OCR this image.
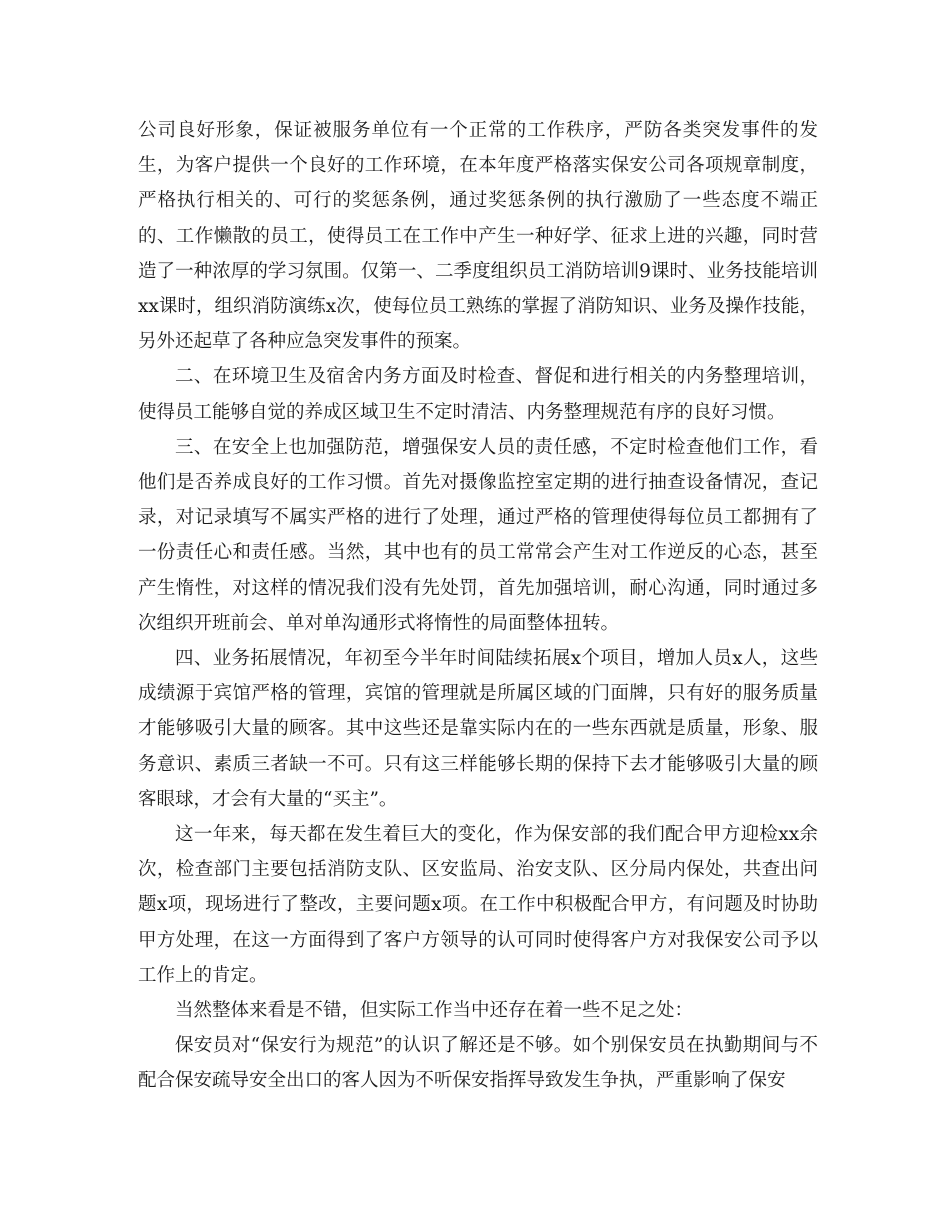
公司良好形象，保证被服务单位有一个正常的工作秩序，严防各类突发事件的发生，为客户提供一个良好的工作环境，在本年度严格落实保安公司各项规章制度，严格执行相关的、可行的奖惩条例，通过奖惩条例的执行激励了一些态度不端正的、工作懒散的员工，使得员工在工作中产生一种好学、征求上进的兴趣，同时营造了一种浓厚的学习氛围。仅第一、二季度组织员工消防培训9课时、业务技能培训xx课时，组织消防演练x次，使每位员工熟练的掌握了消防知识、业务及操作技能，另外还起草了各种应急突发事件的预案。

二、在环境卫生及宿舍内务方面及时检查、督促和进行相关的内务整理培训，使得员工能够自觉的养成区域卫生不定时清洁、内务整理规范有序的良好习惯。

三、在安全上也加强防范，增强保安人员的责任感，不定时检查他们工作，看他们是否养成良好的工作习惯。首先对摄像监控室定期的进行抽查设备情况，查记录，对记录填写不属实严格的进行了处理，通过严格的管理使得每位员工都拥有了一份责任心和责任感。当然，其中也有的员工常常会产生对工作逆反的心态，甚至产生惰性，对这样的情况我们没有先处罚，首先加强培训，耐心沟通，同时通过多次组织开班前会、单对单沟通形式将惰性的局面整体扭转。

四、业务拓展情况，年初至今半年时间陆续拓展x个项目，增加人员x人，这些成绩源于宾馆严格的管理，宾馆的管理就是所属区域的门面牌，只有好的服务质量才能够吸引大量的顾客。其中这些还是靠实际内在的一些东西就是质量，形象、服务意识、素质三者缺一不可。只有这三样能够长期的保持下去才能够吸引大量的顾客眼球，才会有大量的“买主”。

这一年来，每天都在发生着巨大的变化，作为保安部的我们配合甲方迎检xx余次，检查部门主要包括消防支队、区安监局、治安支队、区分局内保处，共查出问题x项，现场进行了整改，主要问题x项。在工作中积极配合甲方，有问题及时协助甲方处理，在这一方面得到了客户方领导的认可同时使得客户方对我保安公司予以工作上的肯定。

当然整体来看是不错，但实际工作当中还存在着一些不足之处：

保安员对“保安行为规范”的认识了解还是不够。如个别保安员在执勤期间与不配合保安疏导安全出口的客人因为不听保安指挥导致发生争执，严重影响了保安
